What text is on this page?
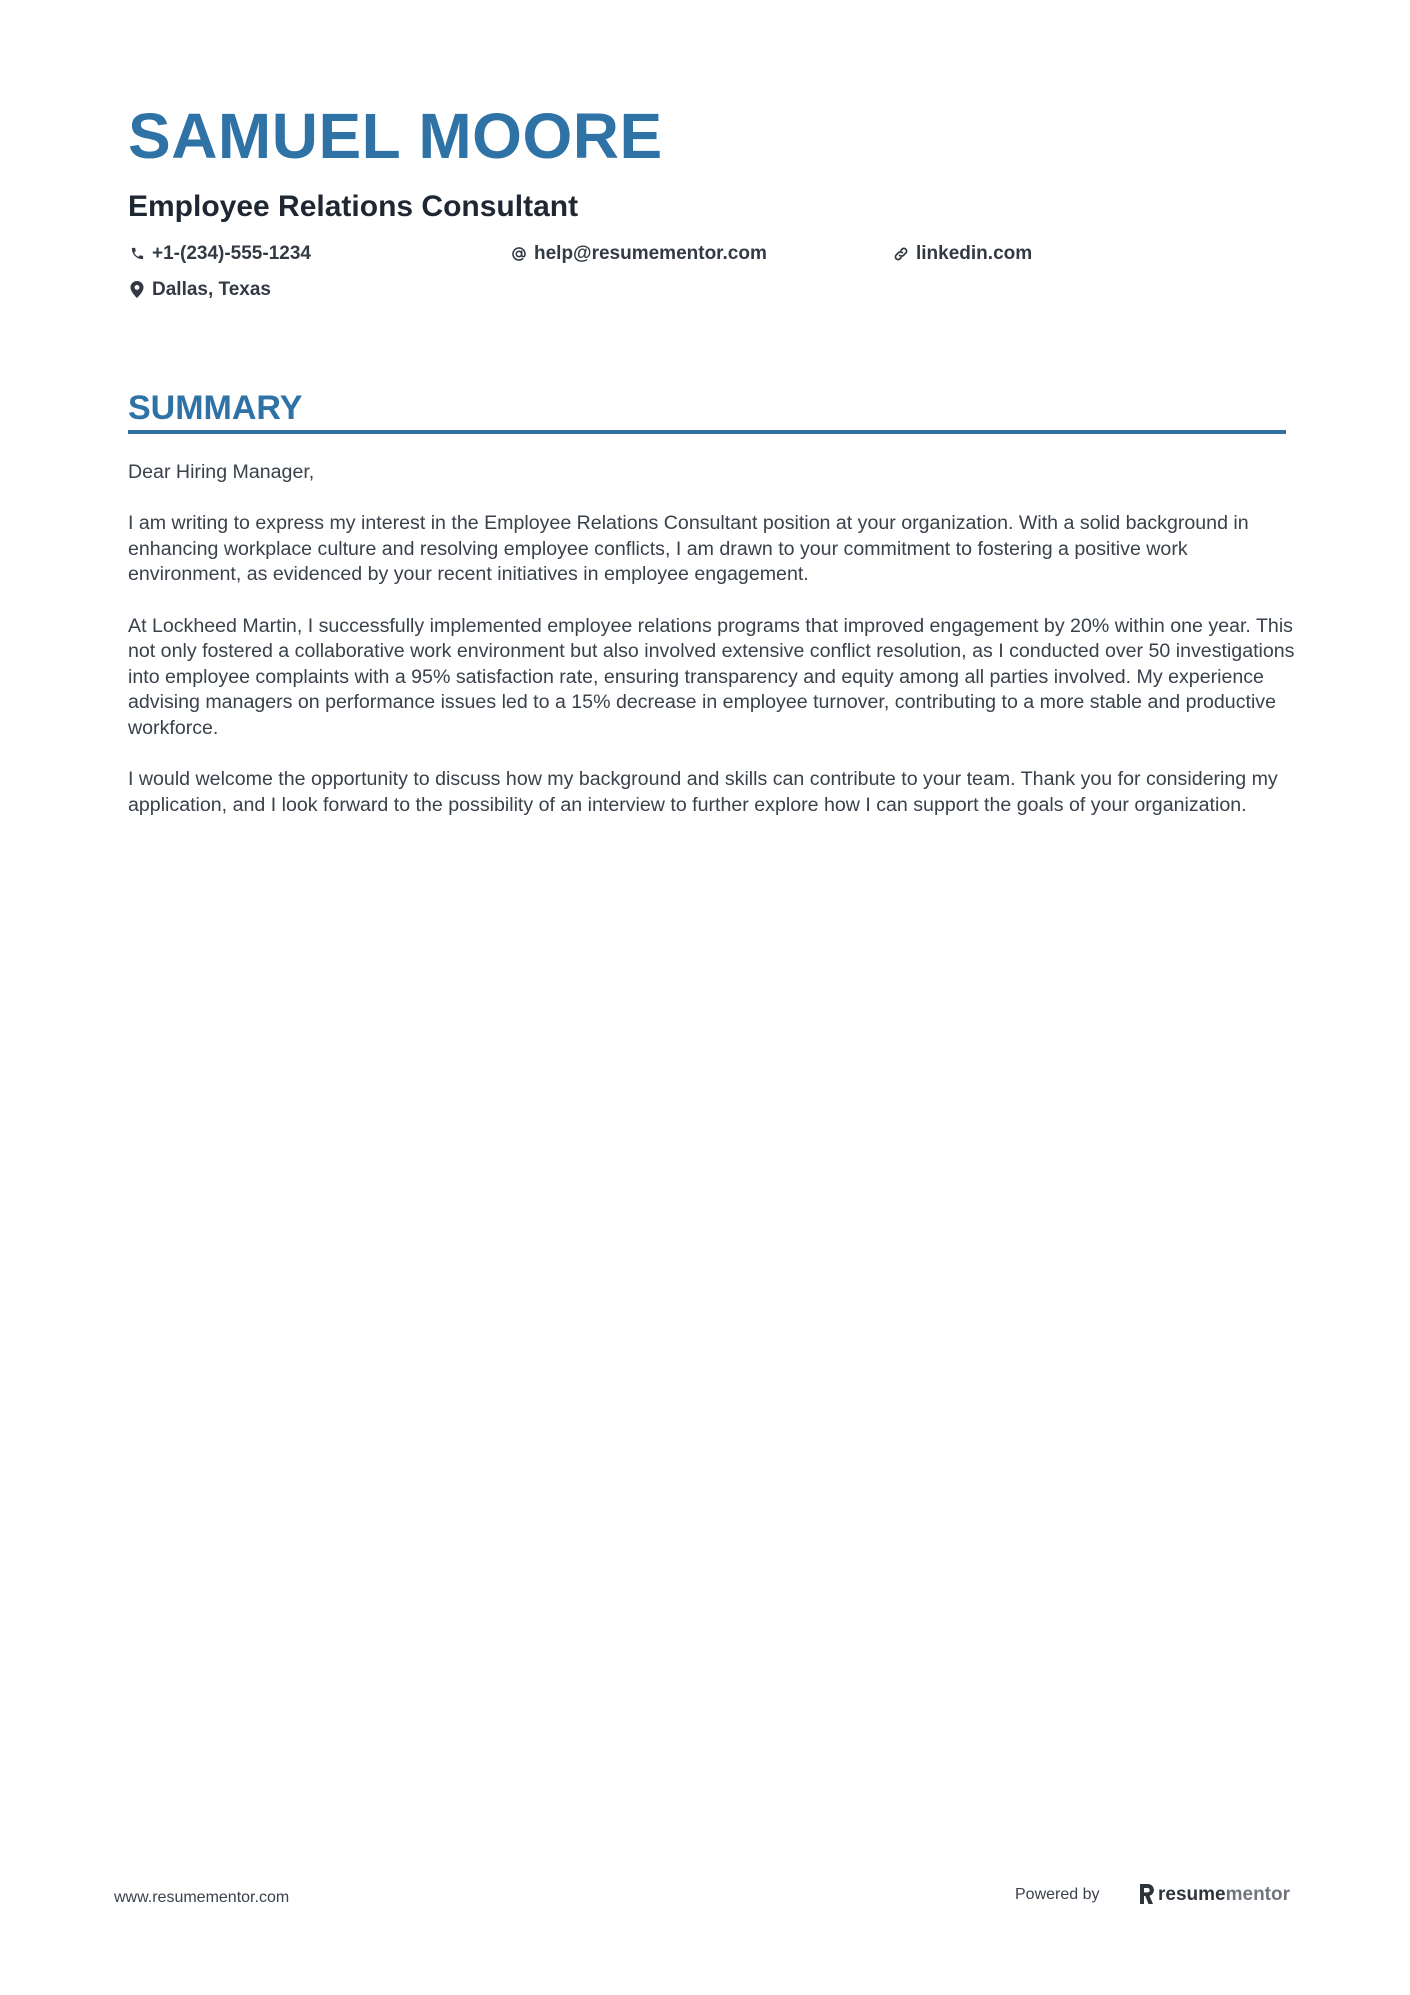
SAMUEL MOORE
Employee Relations Consultant
+1-(234)-555-1234	help@resumementor.com	linkedin.com
Dallas, Texas
SUMMARY

Dear Hiring Manager,

I am writing to express my interest in the Employee Relations Consultant position at your organization. With a solid background in enhancing workplace culture and resolving employee conflicts, I am drawn to your commitment to fostering a positive work environment, as evidenced by your recent initiatives in employee engagement.

At Lockheed Martin, I successfully implemented employee relations programs that improved engagement by 20% within one year. This not only fostered a collaborative work environment but also involved extensive conflict resolution, as I conducted over 50 investigations into employee complaints with a 95% satisfaction rate, ensuring transparency and equity among all parties involved. My experience advising managers on performance issues led to a 15% decrease in employee turnover, contributing to a more stable and productive workforce.

I would welcome the opportunity to discuss how my background and skills can contribute to your team. Thank you for considering my application, and I look forward to the possibility of an interview to further explore how I can support the goals of your organization.

www.resumementor.com	Powered by	resume mentor
